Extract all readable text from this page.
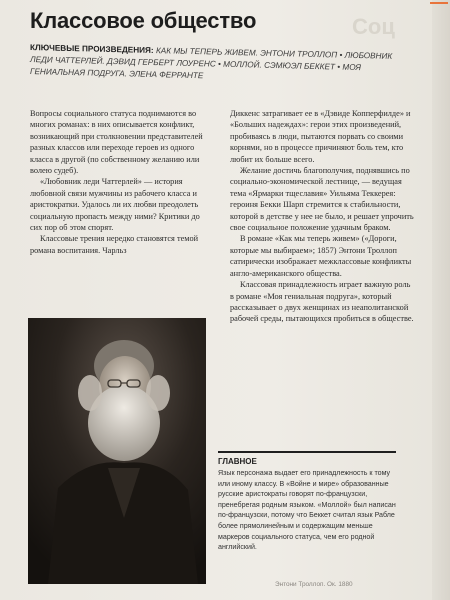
Соц
Классовое общество
КЛЮЧЕВЫЕ ПРОИЗВЕДЕНИЯ: КАК МЫ ТЕПЕРЬ ЖИВЕМ. ЭНТОНИ ТРОЛЛОП • ЛЮБОВНИК ЛЕДИ ЧАТТЕРЛЕЙ. ДЭВИД ГЕРБЕРТ ЛОУРЕНС • МОЛЛОЙ. СЭМЮЭЛ БЕККЕТ • МОЯ ГЕНИАЛЬНАЯ ПОДРУГА. ЭЛЕНА ФЕРРАНТЕ

Вопросы социального статуса поднимаются во многих романах: в них описывается конфликт, возникающий при столкновении представителей разных классов или переходе героев из одного класса в другой (по собственному желанию или волею судеб).

«Любовник леди Чаттерлей» — история любовной связи мужчины из рабочего класса и аристократки. Удалось ли их любви преодолеть социальную пропасть между ними? Критики до сих пор об этом спорят.

Классовые трения нередко становятся темой романа воспитания. Чарльз

Диккенс затрагивает ее в «Дэвиде Копперфилде» и «Больших надеждах»: герои этих произведений, пробиваясь в люди, пытаются порвать со своими корнями, но в процессе причиняют боль тем, кто любит их больше всего.

Желание достичь благополучия, поднявшись по социально-экономической лестнице, — ведущая тема «Ярмарки тщеславия» Уильяма Теккерея: героиня Бекки Шарп стремится к стабильности, которой в детстве у нее не было, и решает упрочить свое социальное положение удачным браком.

В романе «Как мы теперь живем» («Дороги, которые мы выбираем»; 1857) Энтони Троллоп сатирически изображает межклассовые конфликты англо-американского общества.

Классовая принадлежность играет важную роль в романе «Моя гениальная подруга», который рассказывает о двух женщинах из неаполитанской рабочей среды, пытающихся пробиться в обществе.

ГЛАВНОЕ
Язык персонажа выдает его принадлежность к тому или иному классу. В «Войне и мире» образованные русские аристократы говорят по-французски, пренебрегая родным языком. «Моллой» был написан по-французски, потому что Беккет считал язык Рабле более прямолинейным и содержащим меньше маркеров социального статуса, чем его родной английский.
Энтони Троллоп. Ок. 1880
